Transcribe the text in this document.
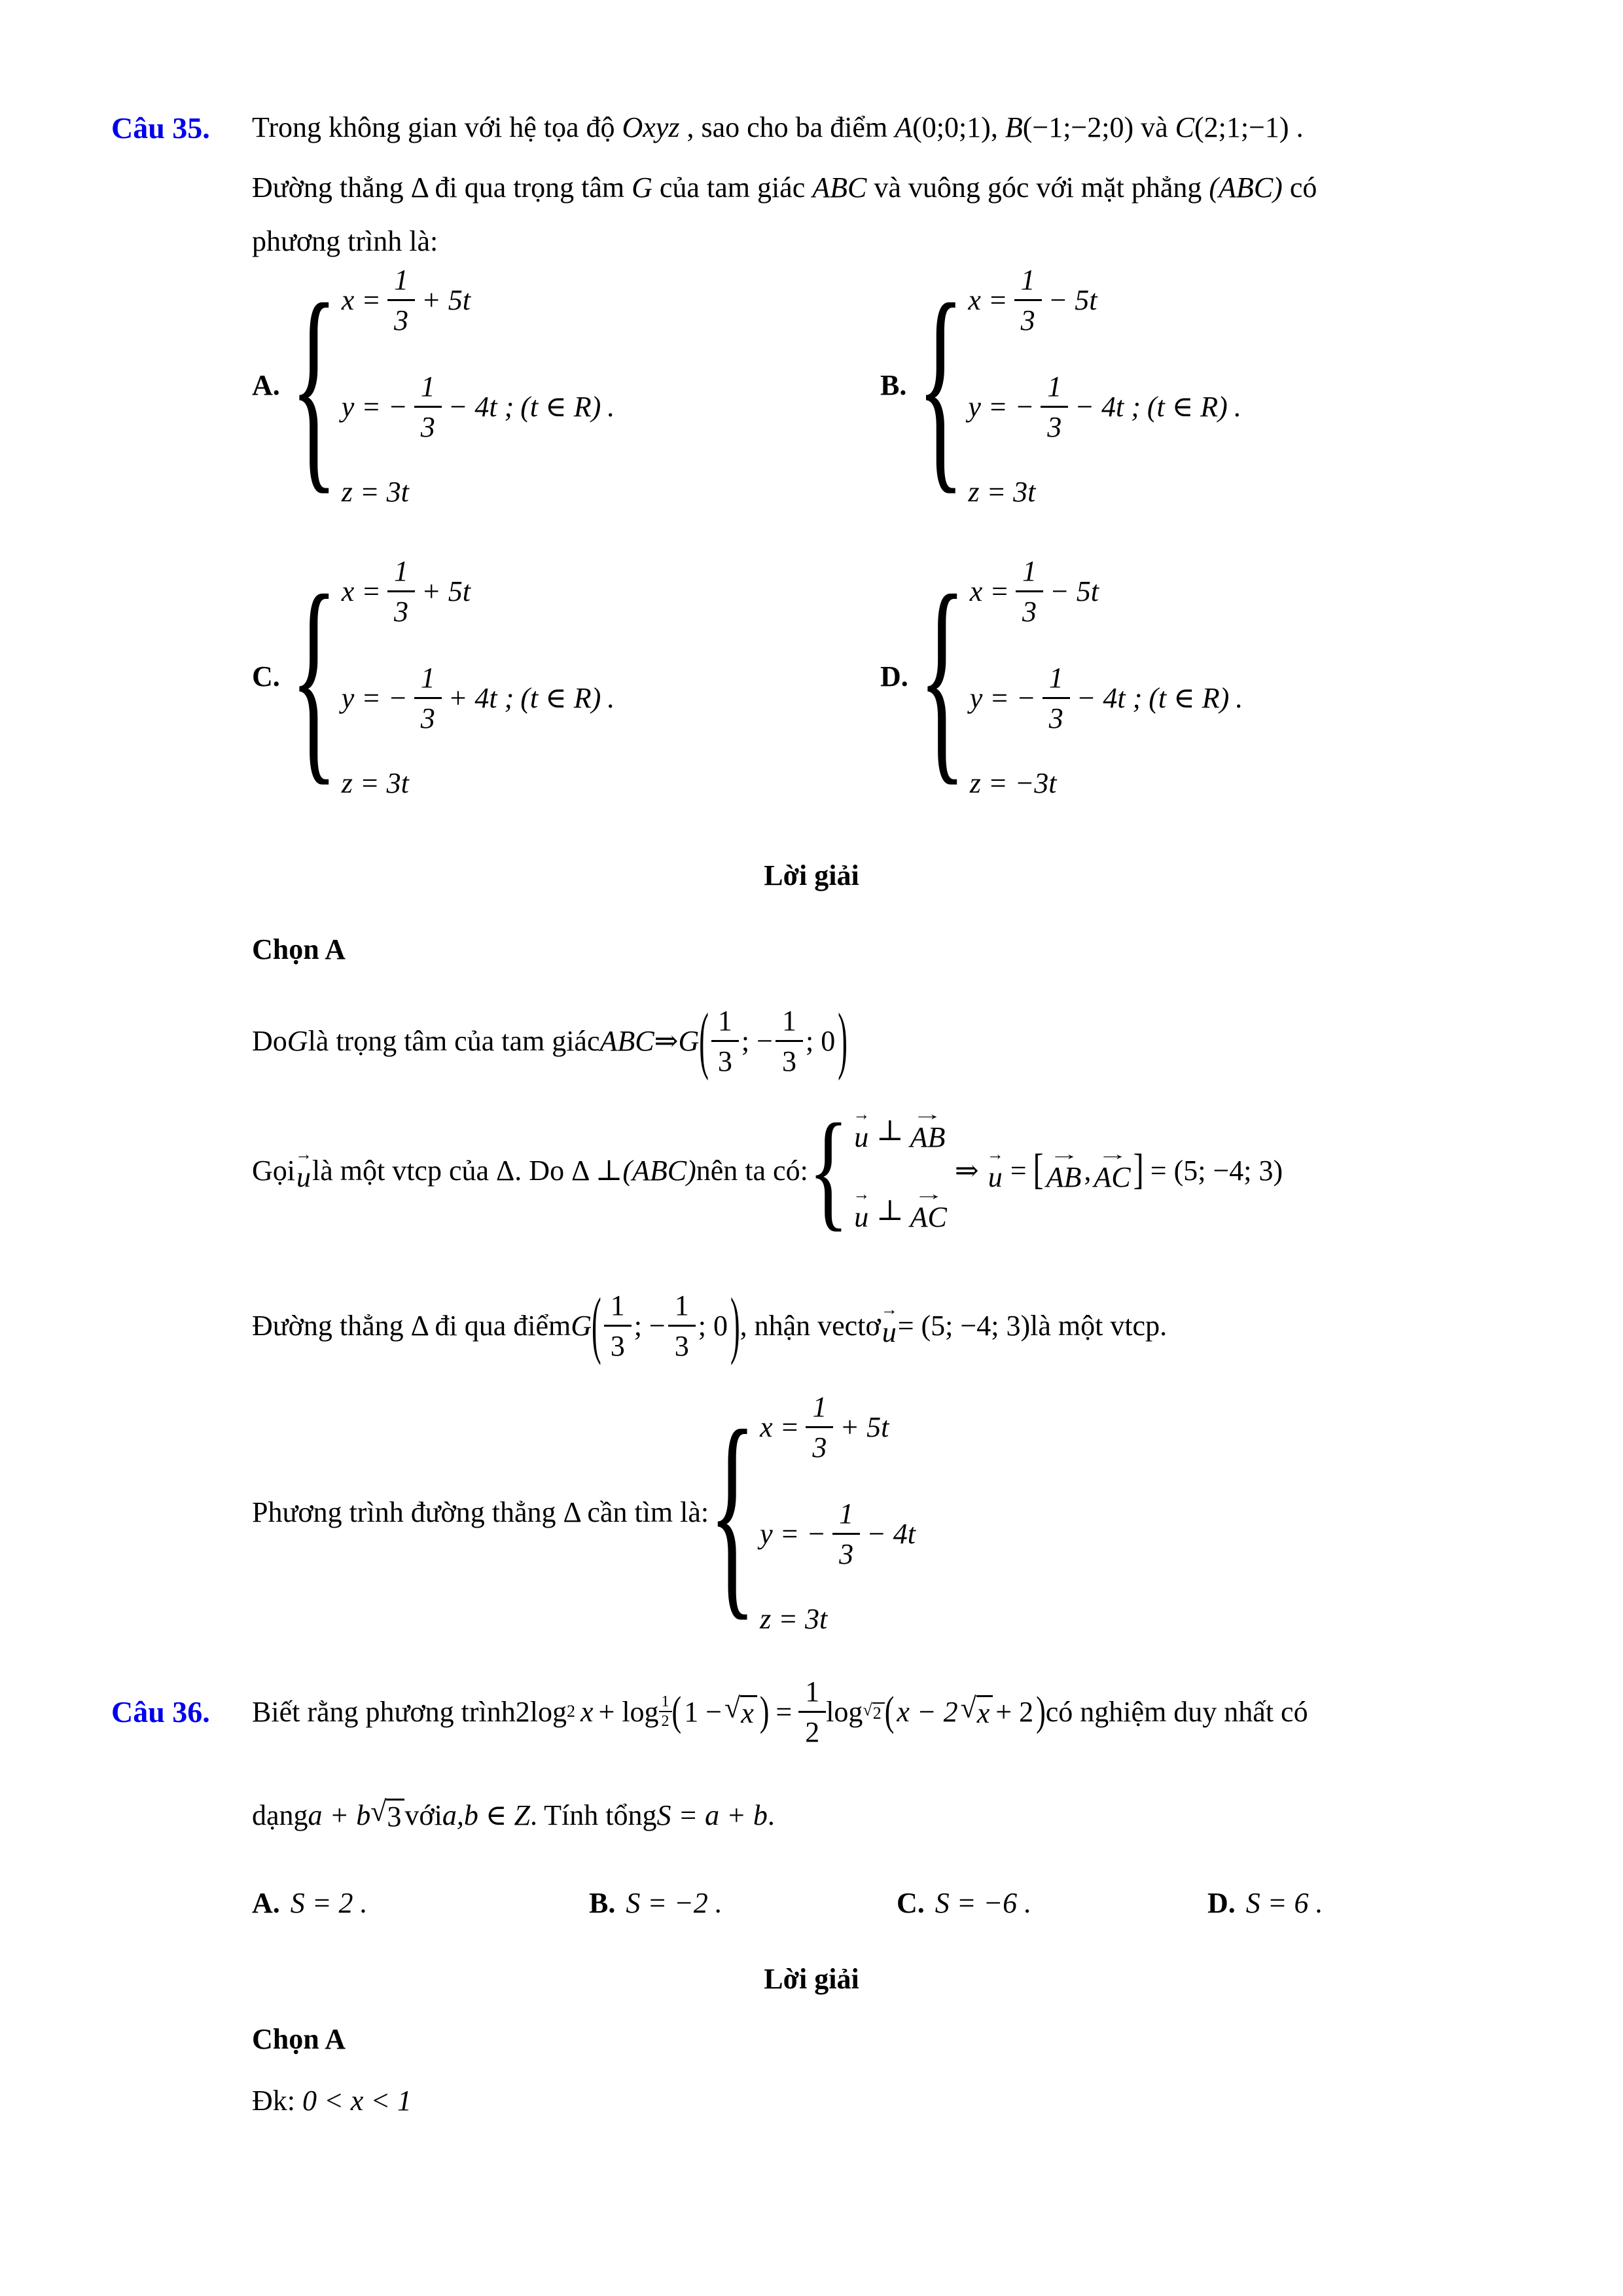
Câu 35. Trong không gian với hệ tọa độ Oxyz , sao cho ba điểm A(0;0;1), B(−1;−2;0) và C(2;1;−1) .
Đường thẳng Δ đi qua trọng tâm G của tam giác ABC và vuông góc với mặt phẳng (ABC) có
phương trình là:
A. { $x = \frac{1}{3} + 5t$
y = − $\frac{1}{3} - 4t$ ; (t ∈ R) .
z = 3t
B. { $x = \frac{1}{3} - 5t$
y = − $\frac{1}{3} - 4t$ ; (t ∈ R) .
z = 3t
C. { $x = \frac{1}{3} + 5t$
y = − $\frac{1}{3} + 4t$ ; (t ∈ R) .
z = 3t
D. { $x = \frac{1}{3} - 5t$
y = − $\frac{1}{3} - 4t$ ; (t ∈ R) .
z = −3t
Lời giải
Chọn A
Do G là trọng tâm của tam giác ABC ⇒ G ( $\frac{1}{3}$ ; − $\frac{1}{3}$ ; 0 )
Gọi →
u là một vtcp của Δ. Do Δ ⊥ (ABC) nên ta có: { →
u ⊥ →
AB
→
u ⊥ →
AC
⇒ →
u = [ →
AB , →
AC ] = (5; −4; 3)
Đường thẳng Δ đi qua điểm G ( $\frac{1}{3}$ ; − $\frac{1}{3}$ ; 0 ) , nhận vectơ →
u = (5; −4; 3) là một vtcp.
Phương trình đường thẳng Δ cần tìm là: { $x = \frac{1}{3} + 5t$
y = − $\frac{1}{3} - 4t$
z = 3t
Câu 36.	Biết rằng phương trình 2log 2 $x + \log \frac{1}{2}$ ( 1 − √ x ) = $\frac{1}{2}$ log √ 2 ( x − 2 √ x + 2 ) có nghiệm duy nhất có
dạng a + b √ 3 với a,b ∈ Z . Tính tổng S = a + b .
A. S = 2 .	B. S = −2 .	C. S = −6 .	D. S = 6 .
Lời giải
Chọn A
Đk: 0 < x < 1
